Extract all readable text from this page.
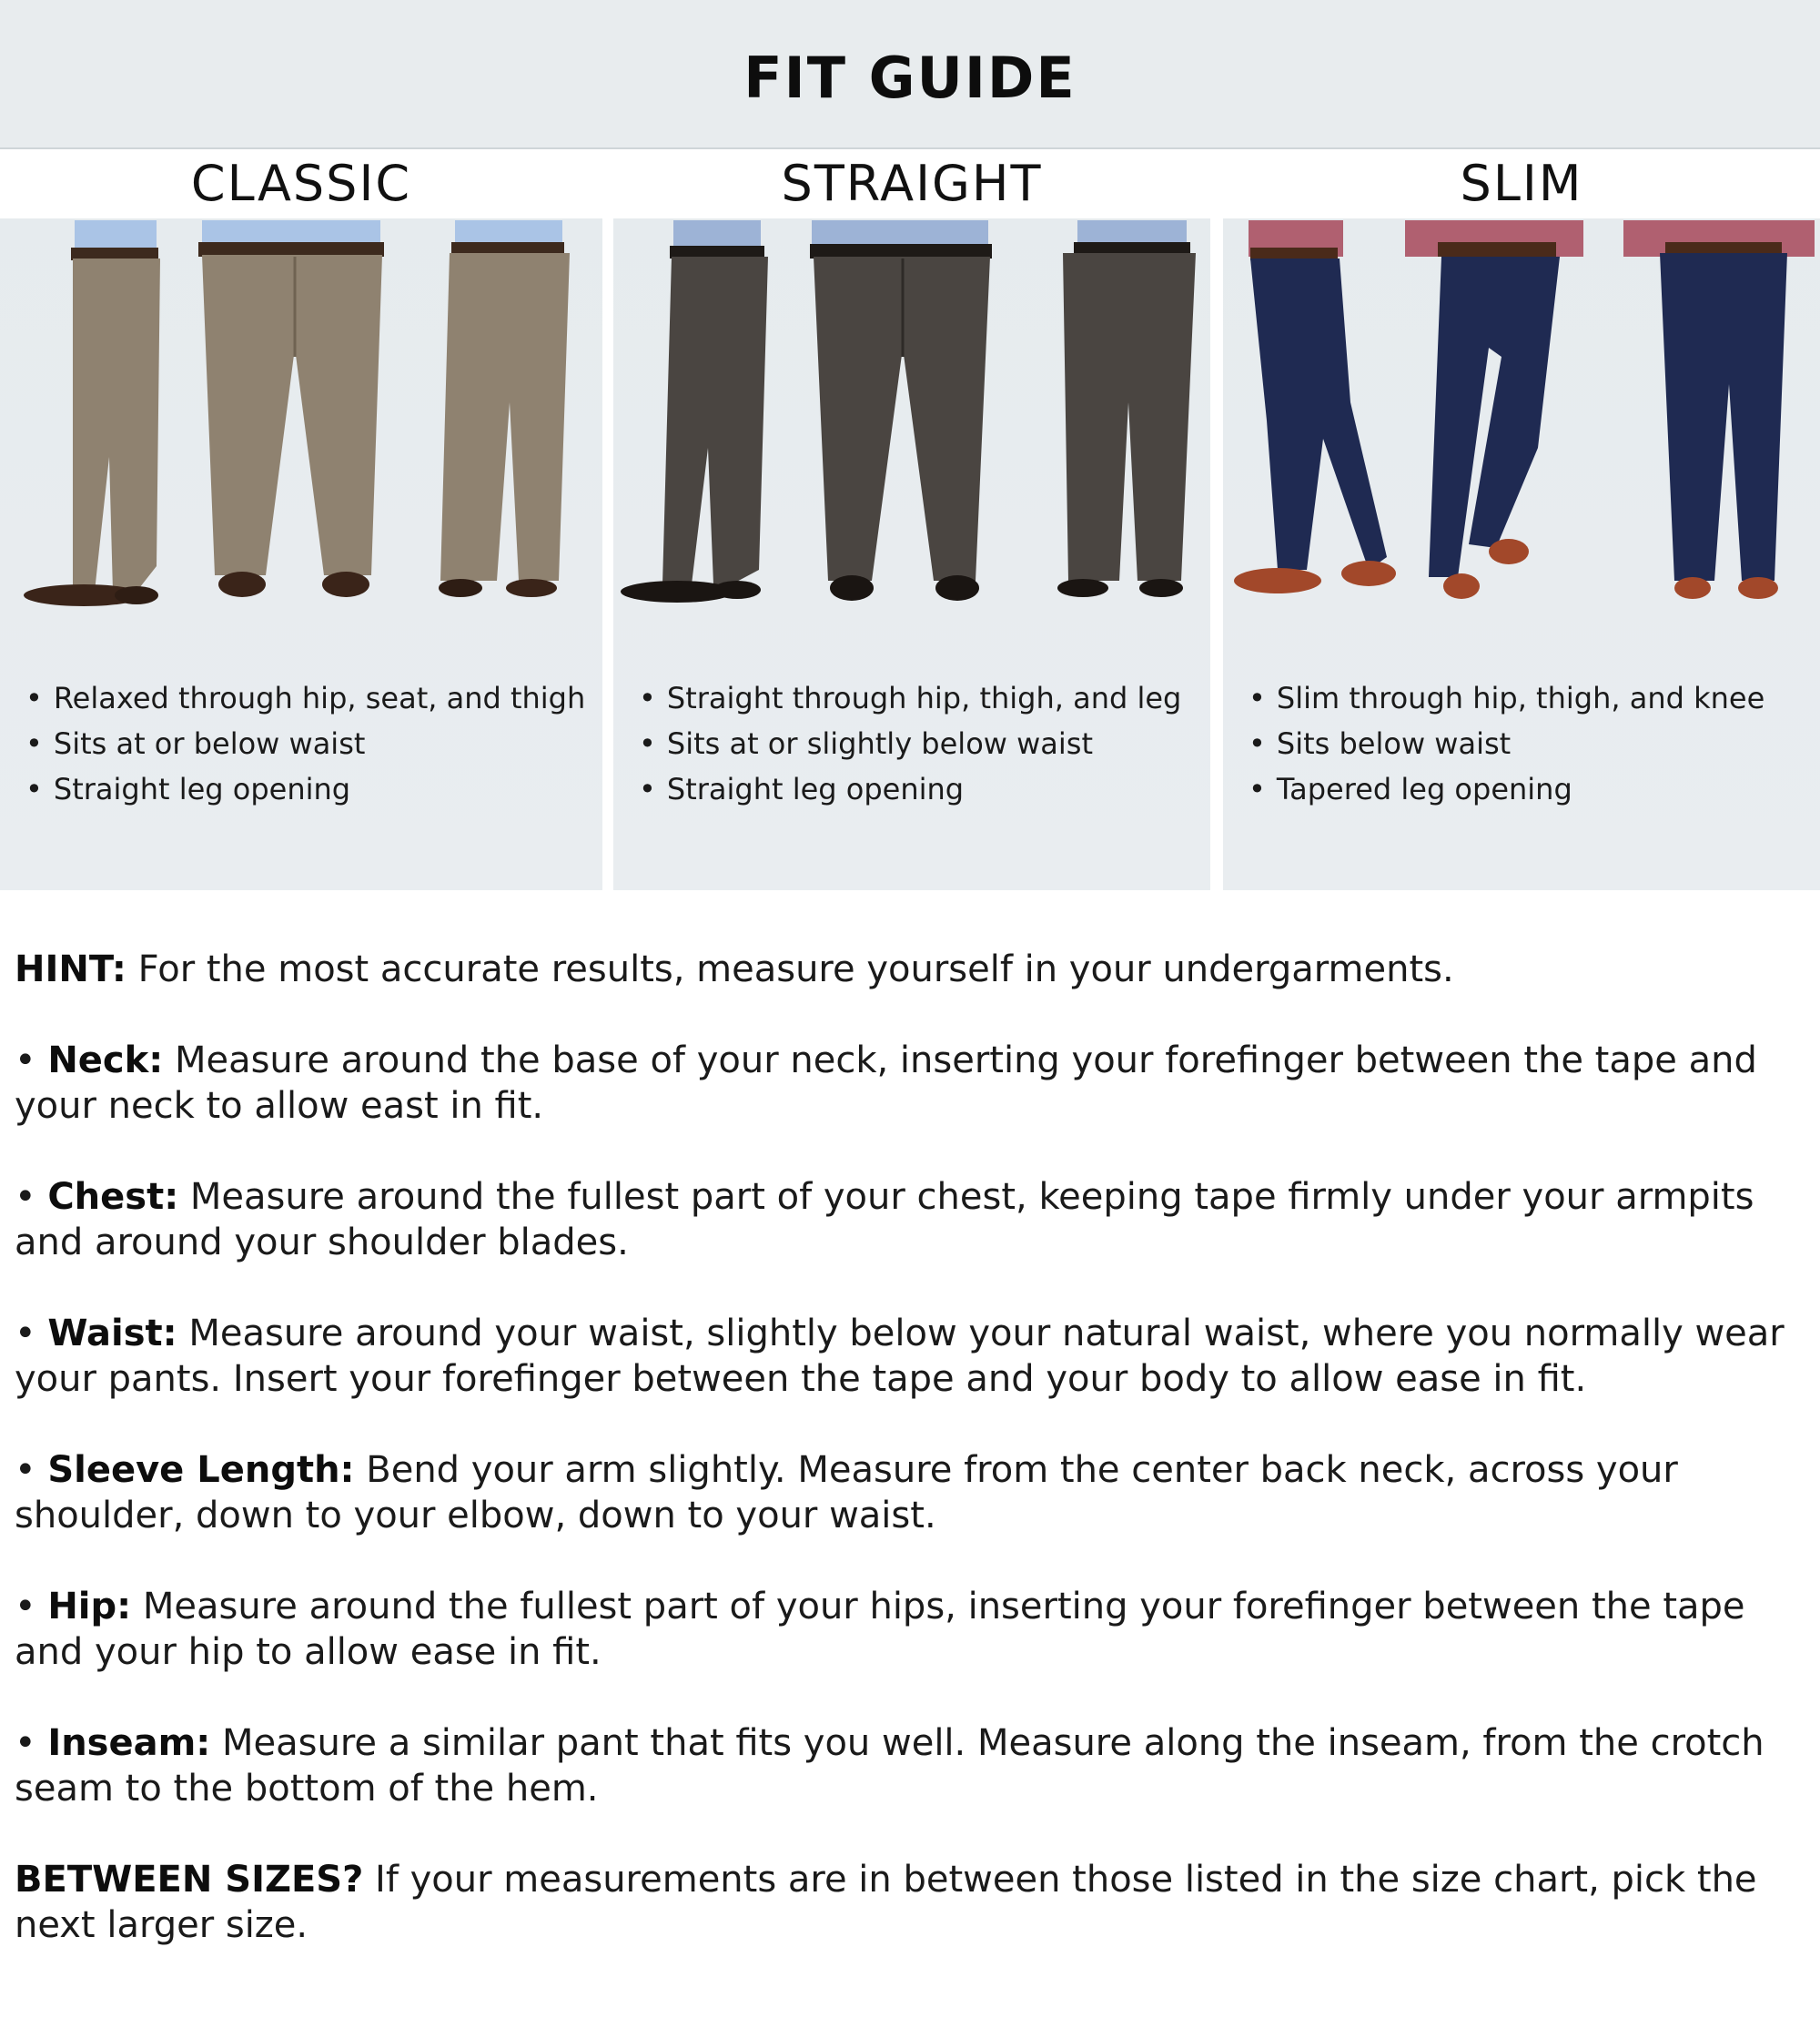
FIT GUIDE
CLASSIC
• Relaxed through hip, seat, and thigh
• Sits at or below waist
• Straight leg opening
STRAIGHT
• Straight through hip, thigh, and leg
• Sits at or slightly below waist
• Straight leg opening
SLIM
• Slim through hip, thigh, and knee
• Sits below waist
• Tapered leg opening

HINT: For the most accurate results, measure yourself in your undergarments.

• Neck: Measure around the base of your neck, inserting your forefinger between the tape and your neck to allow east in fit.

• Chest: Measure around the fullest part of your chest, keeping tape firmly under your armpits and around your shoulder blades.

• Waist: Measure around your waist, slightly below your natural waist, where you normally wear your pants. Insert your forefinger between the tape and your body to allow ease in fit.

• Sleeve Length: Bend your arm slightly. Measure from the center back neck, across your shoulder, down to your elbow, down to your waist.

• Hip: Measure around the fullest part of your hips, inserting your forefinger between the tape and your hip to allow ease in fit.

• Inseam: Measure a similar pant that fits you well. Measure along the inseam, from the crotch seam to the bottom of the hem.

BETWEEN SIZES? If your measurements are in between those listed in the size chart, pick the next larger size.
